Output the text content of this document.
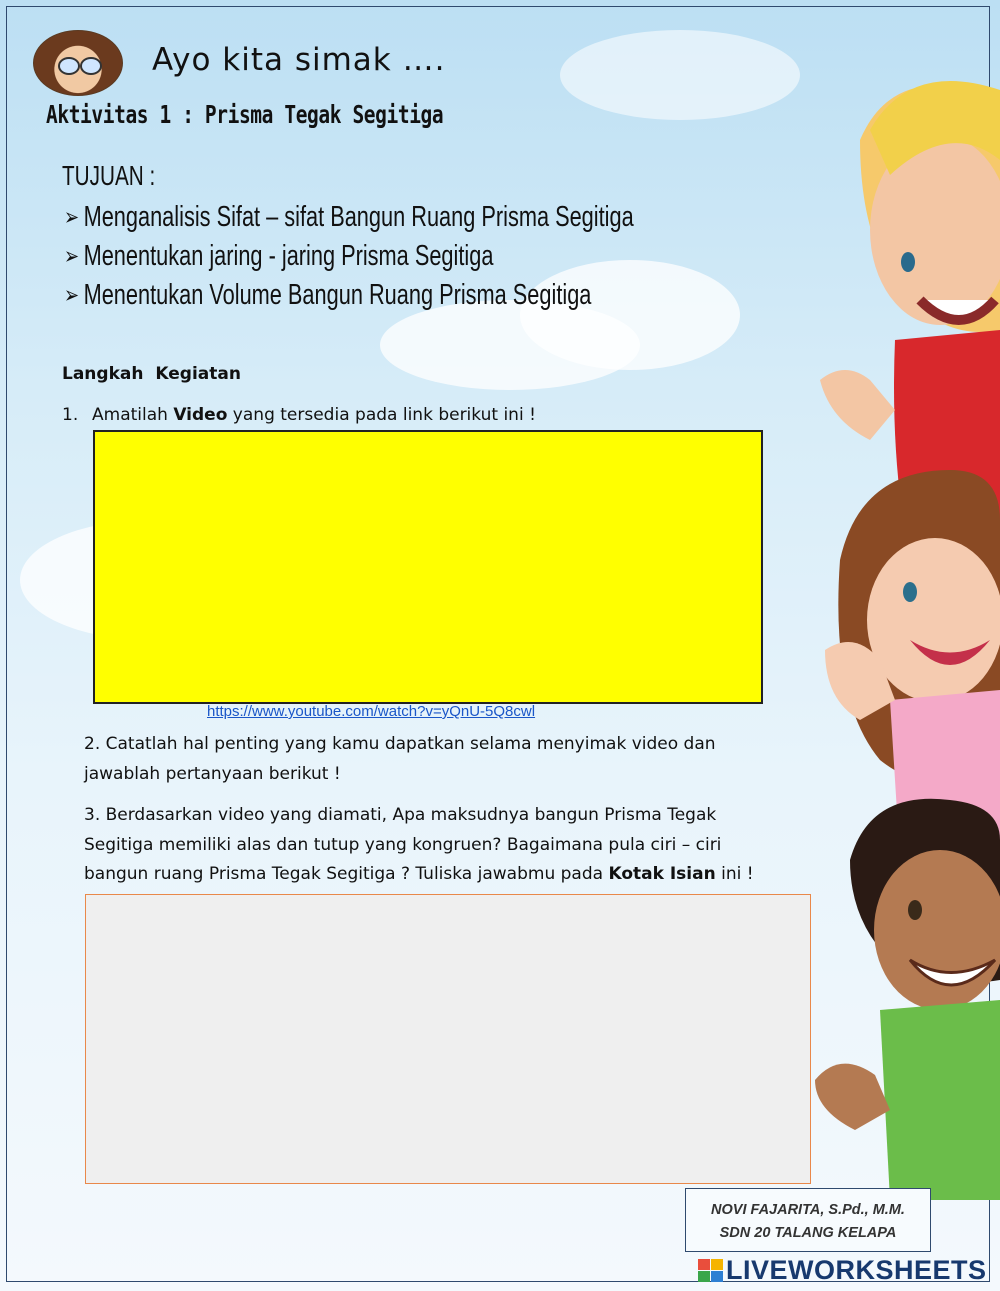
Ayo kita simak ….
Aktivitas 1 : Prisma Tegak Segitiga
TUJUAN :
➢ Menganalisis Sifat – sifat Bangun Ruang Prisma Segitiga
➢ Menentukan jaring - jaring Prisma Segitiga
➢ Menentukan Volume Bangun Ruang Prisma Segitiga
Langkah Kegiatan
1. Amatilah Video yang tersedia pada link berikut ini !
https://www.youtube.com/watch?v=yQnU-5Q8cwl
2. Catatlah hal penting yang kamu dapatkan selama menyimak video dan
jawablah pertanyaan berikut !
3. Berdasarkan video yang diamati, Apa maksudnya bangun Prisma Tegak
Segitiga memiliki alas dan tutup yang kongruen? Bagaimana pula ciri – ciri
bangun ruang Prisma Tegak Segitiga ? Tuliska jawabmu pada Kotak Isian ini !
NOVI FAJARITA, S.Pd., M.M.
SDN 20 TALANG KELAPA
LIVEWORKSHEETS
